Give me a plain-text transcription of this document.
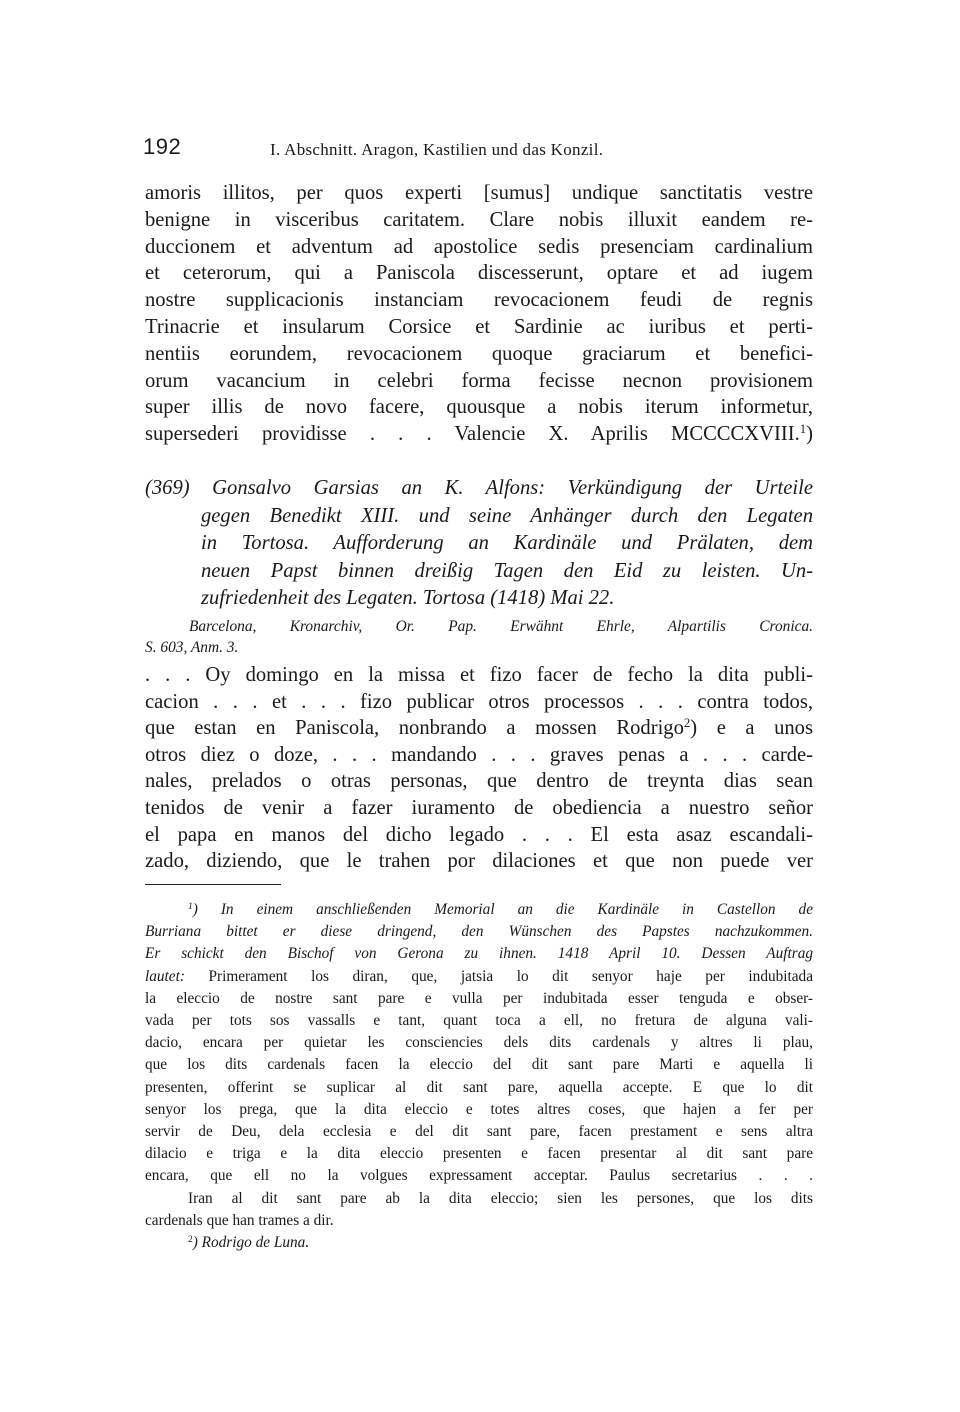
192	I. Abschnitt. Aragon, Kastilien und das Konzil.
amoris illitos, per quos experti [sumus] undique sanctitatis vestre
benigne in visceribus caritatem. Clare nobis illuxit eandem re-
duccionem et adventum ad apostolice sedis presenciam cardinalium
et ceterorum, qui a Paniscola discesserunt, optare et ad iugem
nostre supplicacionis instanciam revocacionem feudi de regnis
Trinacrie et insularum Corsice et Sardinie ac iuribus et perti-
nentiis eorundem, revocacionem quoque graciarum et benefici-
orum vacancium in celebri forma fecisse necnon provisionem
super illis de novo facere, quousque a nobis iterum informetur,
supersederi providisse . . . Valencie X. Aprilis MCCCCXVIII.$^1$)
(369) Gonsalvo Garsias an K. Alfons: Verkündigung der Urteile
gegen Benedikt XIII. und seine Anhänger durch den Legaten
in Tortosa. Aufforderung an Kardinäle und Prälaten, dem
neuen Papst binnen dreißig Tagen den Eid zu leisten. Un-
zufriedenheit des Legaten. Tortosa (1418) Mai 22.
Barcelona, Kronarchiv, Or. Pap. Erwähnt Ehrle, Alpartilis Cronica.
S. 603, Anm. 3.
. . . Oy domingo en la missa et fizo facer de fecho la dita publi-
cacion . . . et . . . fizo publicar otros processos . . . contra todos,
que estan en Paniscola, nonbrando a mossen Rodrigo$^2$) e a unos
otros diez o doze, . . . mandando . . . graves penas a . . . carde-
nales, prelados o otras personas, que dentro de treynta dias sean
tenidos de venir a fazer iuramento de obediencia a nuestro señor
el papa en manos del dicho legado . . . El esta asaz escandali-
zado, diziendo, que le trahen por dilaciones et que non puede ver
$^1$) In einem anschließenden Memorial an die Kardinäle in Castellon de
Burriana bittet er diese dringend, den Wünschen des Papstes nachzukommen.
Er schickt den Bischof von Gerona zu ihnen. 1418 April 10. Dessen Auftrag
lautet: Primerament los diran, que, jatsia lo dit senyor haje per indubitada
la eleccio de nostre sant pare e vulla per indubitada esser tenguda e obser-
vada per tots sos vassalls e tant, quant toca a ell, no fretura de alguna vali-
dacio, encara per quietar les consciencies dels dits cardenals y altres li plau,
que los dits cardenals facen la eleccio del dit sant pare Marti e aquella li
presenten, offerint se suplicar al dit sant pare, aquella accepte. E que lo dit
senyor los prega, que la dita eleccio e totes altres coses, que hajen a fer per
servir de Deu, dela ecclesia e del dit sant pare, facen prestament e sens altra
dilacio e triga e la dita eleccio presenten e facen presentar al dit sant pare
encara, que ell no la volgues expressament acceptar. Paulus secretarius . . .
Iran al dit sant pare ab la dita eleccio; sien les persones, que los dits
cardenals que han trames a dir.
$^2$) Rodrigo de Luna.
